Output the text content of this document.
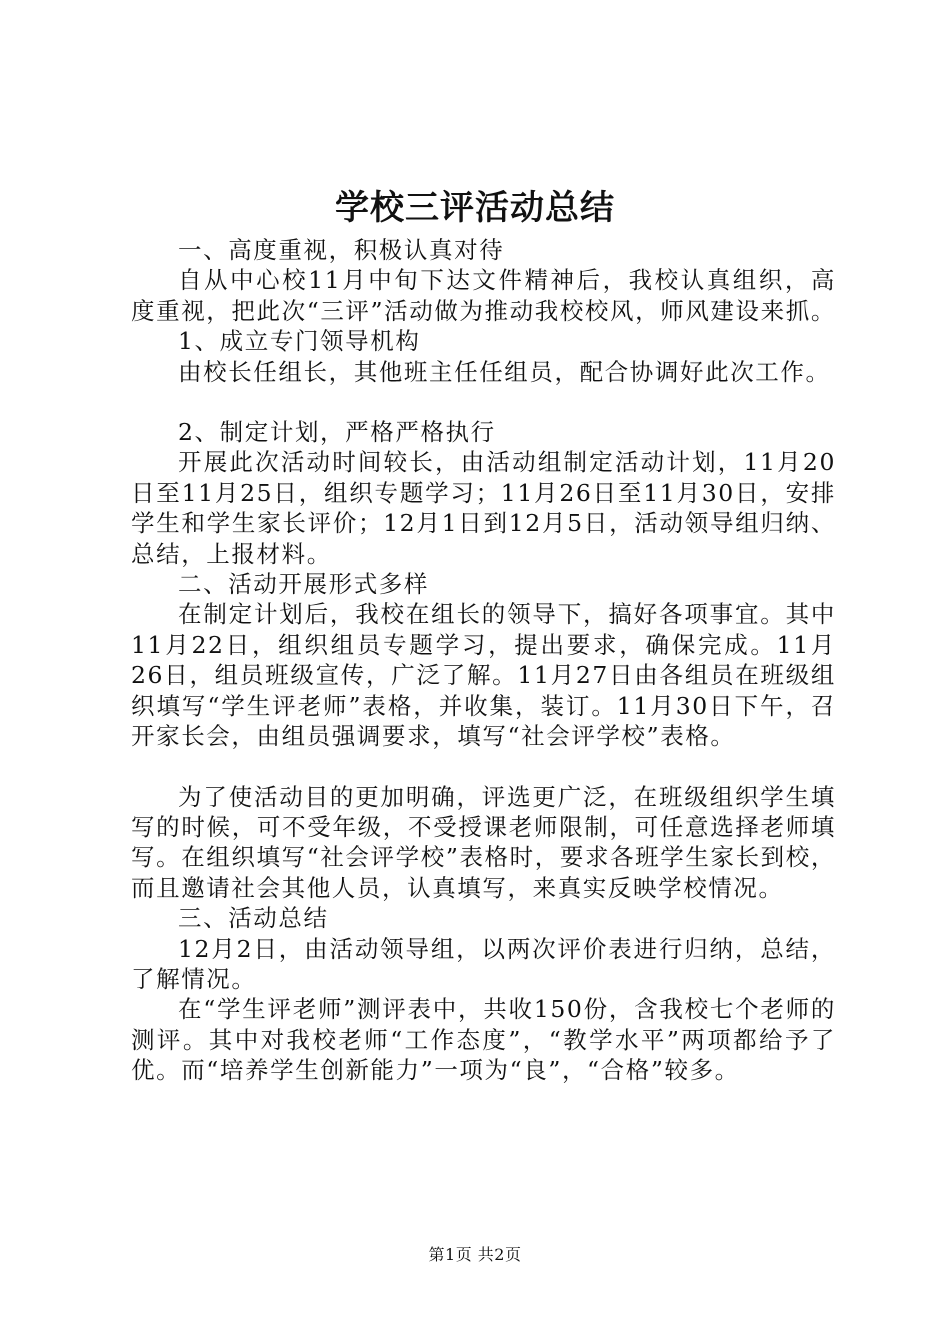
学校三评活动总结

一、高度重视，积极认真对待

自从中心校11月中旬下达文件精神后，我校认真组织，高度重视，把此次“三评”活动做为推动我校校风，师风建设来抓。

1、成立专门领导机构

由校长任组长，其他班主任任组员，配合协调好此次工作。

2、制定计划，严格严格执行

开展此次活动时间较长，由活动组制定活动计划，11月20日至11月25日，组织专题学习；11月26日至11月30日，安排学生和学生家长评价；12月1日到12月5日，活动领导组归纳、总结，上报材料。

二、活动开展形式多样

在制定计划后，我校在组长的领导下，搞好各项事宜。其中11月22日，组织组员专题学习，提出要求，确保完成。11月26日，组员班级宣传，广泛了解。11月27日由各组员在班级组织填写“学生评老师”表格，并收集，装订。11月30日下午，召开家长会，由组员强调要求，填写“社会评学校”表格。

为了使活动目的更加明确，评选更广泛，在班级组织学生填写的时候，可不受年级，不受授课老师限制，可任意选择老师填写。在组织填写“社会评学校”表格时，要求各班学生家长到校，而且邀请社会其他人员，认真填写，来真实反映学校情况。

三、活动总结

12月2日，由活动领导组，以两次评价表进行归纳，总结，了解情况。

在“学生评老师”测评表中，共收150份，含我校七个老师的测评。其中对我校老师“工作态度”，“教学水平”两项都给予了优。而“培养学生创新能力”一项为“良”，“合格”较多。

第1页 共2页
